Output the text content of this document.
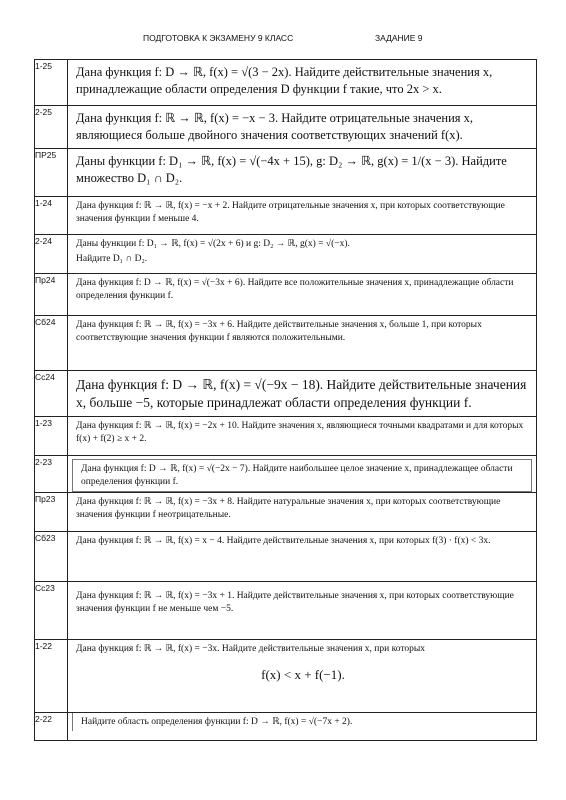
ПОДГОТОВКА К ЭКЗАМЕНУ 9 КЛАСС	ЗАДАНИЕ 9
1-25	Дана функция f: D → ℝ, f(x) = √(3 − 2x). Найдите действительные значения x, принадлежащие области определения D функции f такие, что 2x > x.

2-25	Дана функция f: ℝ → ℝ, f(x) = −x − 3. Найдите отрицательные значения x, являющиеся больше двойного значения соответствующих значений f(x).

ПР25	Даны функции f: D₁ → ℝ, f(x) = √(−4x + 15), g: D₂ → ℝ, g(x) = 1/(x − 3). Найдите множество D₁ ∩ D₂.

1-24	Дана функция f: ℝ → ℝ, f(x) = −x + 2. Найдите отрицательные значения x, при которых соответствующие значения функции f меньше 4.

2-24	Даны функции f: D₁ → ℝ, f(x) = √(2x + 6) и g: D₂ → ℝ, g(x) = √(−x).
Найдите D₁ ∩ D₂.

Пр24	Дана функция f: D → ℝ, f(x) = √(−3x + 6). Найдите все положительные значения x, принадлежащие области определения функции f.

Сб24	Дана функция f: ℝ → ℝ, f(x) = −3x + 6. Найдите действительные значения x, больше 1, при которых соответствующие значения функции f являются положительными.

Сс24	Дана функция f: D → ℝ, f(x) = √(−9x − 18). Найдите действительные значения x, больше −5, которые принадлежат области определения функции f.

1-23	Дана функция f: ℝ → ℝ, f(x) = −2x + 10. Найдите значения x, являющиеся точными квадратами и для которых f(x) + f(2) ≥ x + 2.

2-23	Дана функция f: D → ℝ, f(x) = √(−2x − 7). Найдите наибольшее целое значение x, принадлежащее области определения функции f.

Пр23	Дана функция f: ℝ → ℝ, f(x) = −3x + 8. Найдите натуральные значения x, при которых соответствующие значения функции f неотрицательные.

Сб23	Дана функция f: ℝ → ℝ, f(x) = x − 4. Найдите действительные значения x, при которых f(3) · f(x) < 3x.

Сс23	Дана функция f: ℝ → ℝ, f(x) = −3x + 1. Найдите действительные значения x, при которых соответствующие значения функции f не меньше чем −5.

1-22	Дана функция f: ℝ → ℝ, f(x) = −3x. Найдите действительные значения x, при которых
f(x) < x + f(−1).

2-22	Найдите область определения функции f: D → ℝ, f(x) = √(−7x + 2).
